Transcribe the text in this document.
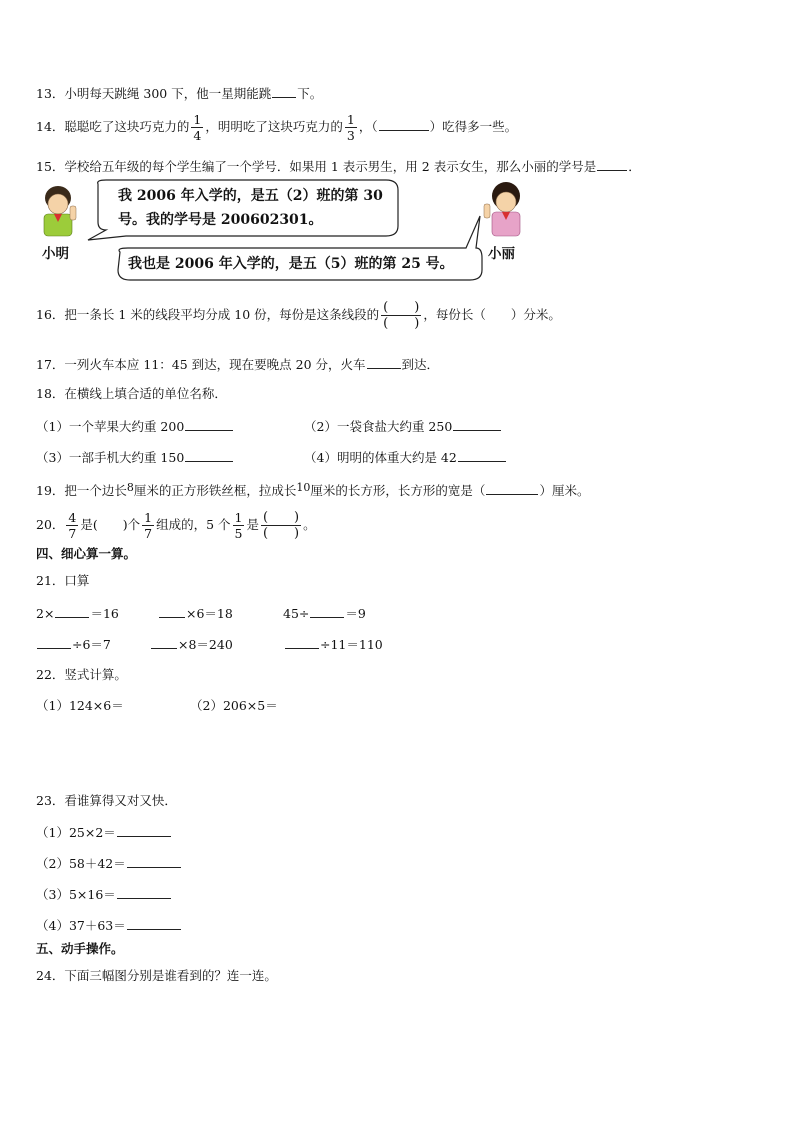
13．小明每天跳绳 300 下，他一星期能跳 下。
14．聪聪吃了这块巧克力的 $\frac{1}{4}$ ，明明吃了这块巧克力的 $\frac{1}{3}$ ，（	）吃得多一些。
15．学校给五年级的每个学生编了一个学号．如果用 1 表示男生，用 2 表示女生，那么小丽的学号是	．
我 2006 年入学的，是五（2）班的第 30
号。我的学号是 200602301。
我也是 2006 年入学的，是五（5）班的第 25 号。
小明	小丽
16．把一条长 1 米的线段平均分成 10 份，每份是这条线段的 $\frac{( )}{( )}$ ，每份长（　　）分米。
17．一列火车本应 11：45 到达，现在要晚点 20 分，火车	到达．
18．在横线上填合适的单位名称．
（1）一个苹果大约重 200	（2）一袋食盐大约重 250
（3）一部手机大约重 150	（4）明明的体重大约是 42
19．把一个边长8厘米的正方形铁丝框，拉成长10厘米的长方形，长方形的宽是（	）厘米。
20． $\frac{4}{7}$ 是(　　)个 $\frac{1}{7}$ 组成的，5 个 $\frac{1}{5}$ 是 $\frac{( )}{( )}$ 。
四、细心算一算。
21．口算
2×	＝16	×6＝18	45÷	＝9
÷6＝7	×8＝240	÷11＝110
22．竖式计算。
（1）124×6＝	（2）206×5＝
23．看谁算得又对又快．
（1）25×2＝
（2）58＋42＝
（3）5×16＝
（4）37＋63＝
五、动手操作。
24．下面三幅图分别是谁看到的？连一连。
